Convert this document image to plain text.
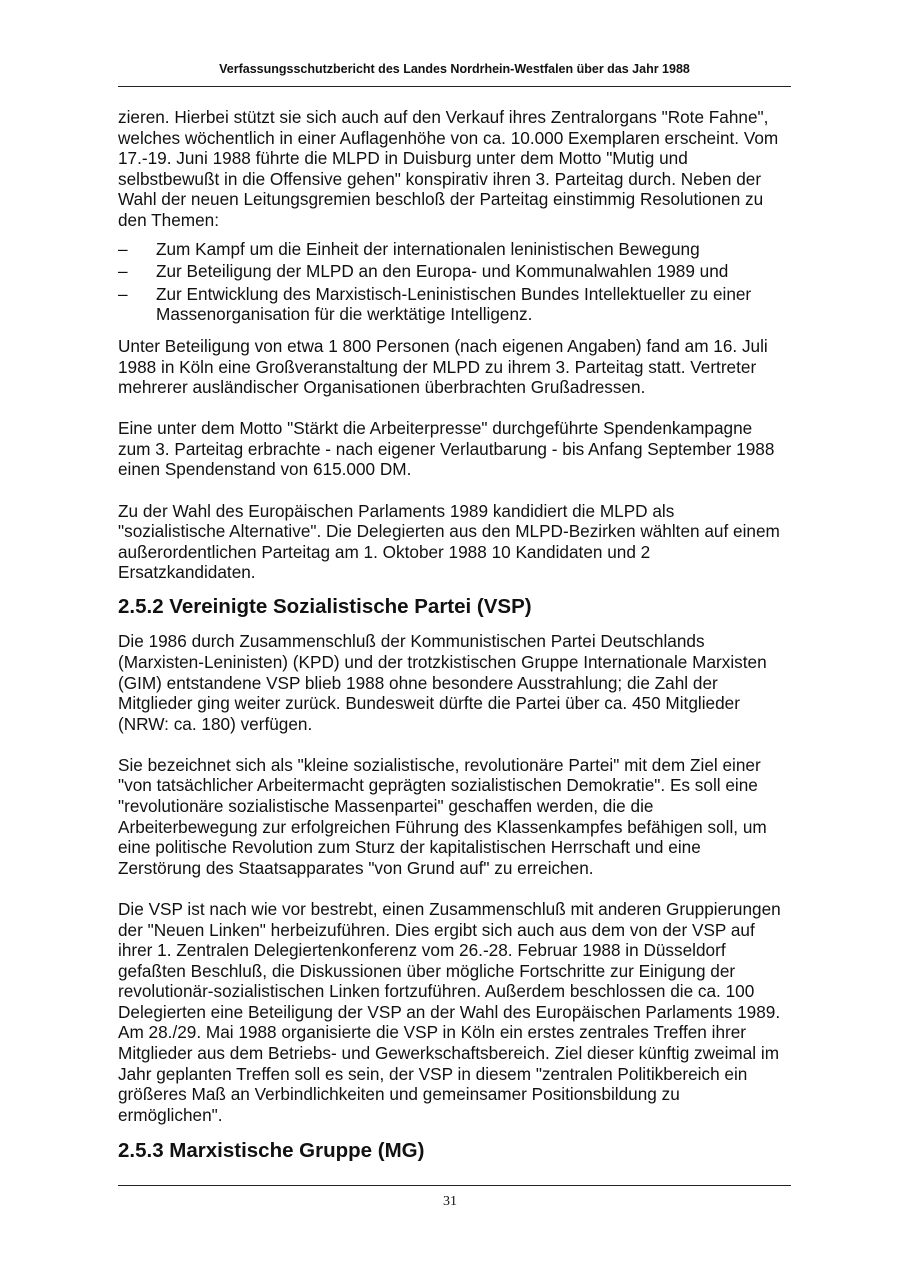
Verfassungsschutzbericht des Landes Nordrhein-Westfalen über das Jahr 1988

zieren. Hierbei stützt sie sich auch auf den Verkauf ihres Zentralorgans "Rote Fahne", welches wöchentlich in einer Auflagenhöhe von ca. 10.000 Exemplaren erscheint. Vom 17.-19. Juni 1988 führte die MLPD in Duisburg unter dem Motto "Mutig und selbstbewußt in die Offensive gehen" konspirativ ihren 3. Parteitag durch. Neben der Wahl der neuen Leitungsgremien beschloß der Parteitag einstimmig Resolutionen zu den Themen:

– Zum Kampf um die Einheit der internationalen leninistischen Bewegung
– Zur Beteiligung der MLPD an den Europa- und Kommunalwahlen 1989 und
– Zur Entwicklung des Marxistisch-Leninistischen Bundes Intellektueller zu einer Massenorganisation für die werktätige Intelligenz.

Unter Beteiligung von etwa 1 800 Personen (nach eigenen Angaben) fand am 16. Juli 1988 in Köln eine Großveranstaltung der MLPD zu ihrem 3. Parteitag statt. Vertreter mehrerer ausländischer Organisationen überbrachten Grußadressen.

Eine unter dem Motto "Stärkt die Arbeiterpresse" durchgeführte Spendenkampagne zum 3. Parteitag erbrachte - nach eigener Verlautbarung - bis Anfang September 1988 einen Spendenstand von 615.000 DM.

Zu der Wahl des Europäischen Parlaments 1989 kandidiert die MLPD als "sozialistische Alternative". Die Delegierten aus den MLPD-Bezirken wählten auf einem außerordentlichen Parteitag am 1. Oktober 1988 10 Kandidaten und 2 Ersatzkandidaten.

2.5.2 Vereinigte Sozialistische Partei (VSP)

Die 1986 durch Zusammenschluß der Kommunistischen Partei Deutschlands (Marxisten-Leninisten) (KPD) und der trotzkistischen Gruppe Internationale Marxisten (GIM) entstandene VSP blieb 1988 ohne besondere Ausstrahlung; die Zahl der Mitglieder ging weiter zurück. Bundesweit dürfte die Partei über ca. 450 Mitglieder (NRW: ca. 180) verfügen.

Sie bezeichnet sich als "kleine sozialistische, revolutionäre Partei" mit dem Ziel einer "von tatsächlicher Arbeitermacht geprägten sozialistischen Demokratie". Es soll eine "revolutionäre sozialistische Massenpartei" geschaffen werden, die die Arbeiterbewegung zur erfolgreichen Führung des Klassenkampfes befähigen soll, um eine politische Revolution zum Sturz der kapitalistischen Herrschaft und eine Zerstörung des Staatsapparates "von Grund auf" zu erreichen.

Die VSP ist nach wie vor bestrebt, einen Zusammenschluß mit anderen Gruppierungen der "Neuen Linken" herbeizuführen. Dies ergibt sich auch aus dem von der VSP auf ihrer 1. Zentralen Delegiertenkonferenz vom 26.-28. Februar 1988 in Düsseldorf gefaßten Beschluß, die Diskussionen über mögliche Fortschritte zur Einigung der revolutionär-sozialistischen Linken fortzuführen. Außerdem beschlossen die ca. 100 Delegierten eine Beteiligung der VSP an der Wahl des Europäischen Parlaments 1989. Am 28./29. Mai 1988 organisierte die VSP in Köln ein erstes zentrales Treffen ihrer Mitglieder aus dem Betriebs- und Gewerkschaftsbereich. Ziel dieser künftig zweimal im Jahr geplanten Treffen soll es sein, der VSP in diesem "zentralen Politikbereich ein größeres Maß an Verbindlichkeiten und gemeinsamer Positionsbildung zu ermöglichen".

2.5.3 Marxistische Gruppe (MG)
31
